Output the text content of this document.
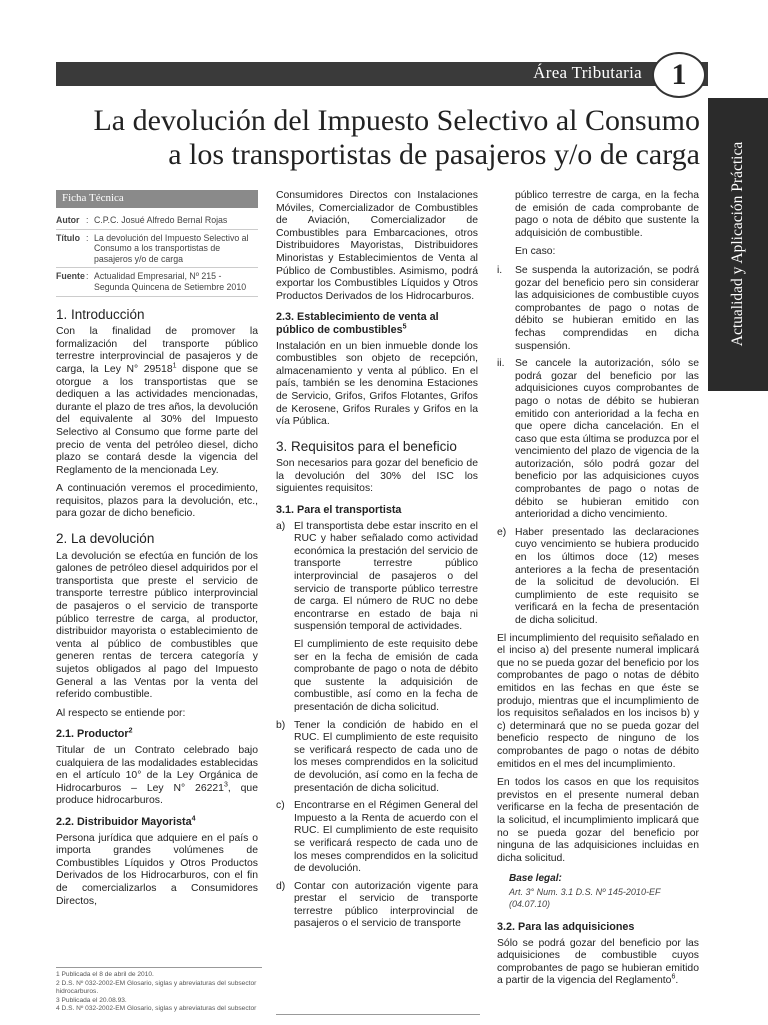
Área Tributaria 1
Actualidad y Aplicación Práctica
La devolución del Impuesto Selectivo al Consumo
a los transportistas de pasajeros y/o de carga
Ficha Técnica
Autor : C.P.C. Josué Alfredo Bernal Rojas
Título : La devolución del Impuesto Selectivo al Consumo a los transportistas de pasajeros y/o de carga
Fuente : Actualidad Empresarial, Nº 215 - Segunda Quincena de Setiembre 2010
1. Introducción

Con la finalidad de promover la formalización del transporte público terrestre interprovincial de pasajeros y de carga, la Ley N° 29518$^1$ dispone que se otorgue a los transportistas que se dediquen a las actividades mencionadas, durante el plazo de tres años, la devolución del equivalente al 30% del Impuesto Selectivo al Consumo que forme parte del precio de venta del petróleo diesel, dicho plazo se contará desde la vigencia del Reglamento de la mencionada Ley.

A continuación veremos el procedimiento, requisitos, plazos para la devolución, etc., para gozar de dicho beneficio.

2. La devolución

La devolución se efectúa en función de los galones de petróleo diesel adquiridos por el transportista que preste el servicio de transporte terrestre público interprovincial de pasajeros o el servicio de transporte público terrestre de carga, al productor, distribuidor mayorista o establecimiento de venta al público de combustibles que generen rentas de tercera categoría y sujetos obligados al pago del Impuesto General a las Ventas por la venta del referido combustible.

Al respecto se entiende por:

2.1. Productor$^2$

Titular de un Contrato celebrado bajo cualquiera de las modalidades establecidas en el artículo 10° de la Ley Orgánica de Hidrocarburos – Ley N° 26221$^3$, que produce hidrocarburos.

2.2. Distribuidor Mayorista$^4$

Persona jurídica que adquiere en el país o importa grandes volúmenes de Combustibles Líquidos y Otros Productos Derivados de los Hidrocarburos, con el fin de comercializarlos a Consumidores Directos,

1 Publicada el 8 de abril de 2010.
2 D.S. Nº 032-2002-EM Glosario, siglas y abreviaturas del subsector
hidrocarburos.
3 Publicada el 20.08.93.
4 D.S. Nº 032-2002-EM Glosario, siglas y abreviaturas del subsector

Consumidores Directos con Instalaciones Móviles, Comercializador de Combustibles de Aviación, Comercializador de Combustibles para Embarcaciones, otros Distribuidores Mayoristas, Distribuidores Minoristas y Establecimientos de Venta al Público de Combustibles. Asimismo, podrá exportar los Combustibles Líquidos y Otros Productos Derivados de los Hidrocarburos.

2.3. Establecimiento de venta al público de combustibles$^5$

Instalación en un bien inmueble donde los combustibles son objeto de recepción, almacenamiento y venta al público. En el país, también se les denomina Estaciones de Servicio, Grifos, Grifos Flotantes, Grifos de Kerosene, Grifos Rurales y Grifos en la vía Pública.

3. Requisitos para el beneficio

Son necesarios para gozar del beneficio de la devolución del 30% del ISC los siguientes requisitos:

3.1. Para el transportista
a) El transportista debe estar inscrito en el RUC y haber señalado como actividad económica la prestación del servicio de transporte terrestre público interprovincial de pasajeros o del servicio de transporte público terrestre de carga. El número de RUC no debe encontrarse en estado de baja ni suspensión temporal de actividades.
El cumplimiento de este requisito debe ser en la fecha de emisión de cada comprobante de pago o nota de débito que sustente la adquisición de combustible, así como en la fecha de presentación de dicha solicitud.
b) Tener la condición de habido en el RUC. El cumplimiento de este requisito se verificará respecto de cada uno de los meses comprendidos en la solicitud de devolución, así como en la fecha de presentación de dicha solicitud.
c) Encontrarse en el Régimen General del Impuesto a la Renta de acuerdo con el RUC. El cumplimiento de este requisito se verificará respecto de cada uno de los meses comprendidos en la solicitud de devolución.
d) Contar con autorización vigente para prestar el servicio de transporte terrestre público interprovincial de pasajeros o el servicio de transporte

público terrestre de carga, en la fecha de emisión de cada comprobante de pago o nota de débito que sustente la adquisición de combustible.

En caso:

i. Se suspenda la autorización, se podrá gozar del beneficio pero sin considerar las adquisiciones de combustible cuyos comprobantes de pago o notas de débito se hubieran emitido en las fechas comprendidas en dicha suspensión.
ii. Se cancele la autorización, sólo se podrá gozar del beneficio por las adquisiciones cuyos comprobantes de pago o notas de débito se hubieran emitido con anterioridad a la fecha en que opere dicha cancelación. En el caso que esta última se produzca por el vencimiento del plazo de vigencia de la autorización, sólo podrá gozar del beneficio por las adquisiciones cuyos comprobantes de pago o notas de débito se hubieran emitido con anterioridad a dicho vencimiento.
e) Haber presentado las declaraciones cuyo vencimiento se hubiera producido en los últimos doce (12) meses anteriores a la fecha de presentación de la solicitud de devolución. El cumplimiento de este requisito se verificará en la fecha de presentación de dicha solicitud.

El incumplimiento del requisito señalado en el inciso a) del presente numeral implicará que no se pueda gozar del beneficio por los comprobantes de pago o notas de débito emitidos en las fechas en que éste se produjo, mientras que el incumplimiento de los requisitos señalados en los incisos b) y c) determinará que no se pueda gozar del beneficio respecto de ninguno de los comprobantes de pago o notas de débito emitidos en el mes del incumplimiento.

En todos los casos en que los requisitos previstos en el presente numeral deban verificarse en la fecha de presentación de la solicitud, el incumplimiento implicará que no se pueda gozar del beneficio por ninguna de las adquisiciones incluidas en dicha solicitud.

Base legal:
Art. 3° Num. 3.1 D.S. Nº 145-2010-EF (04.07.10)
3.2. Para las adquisiciones

Sólo se podrá gozar del beneficio por las adquisiciones de combustible cuyos comprobantes de pago se hubieran emitido a partir de la vigencia del Reglamento$^6$.
